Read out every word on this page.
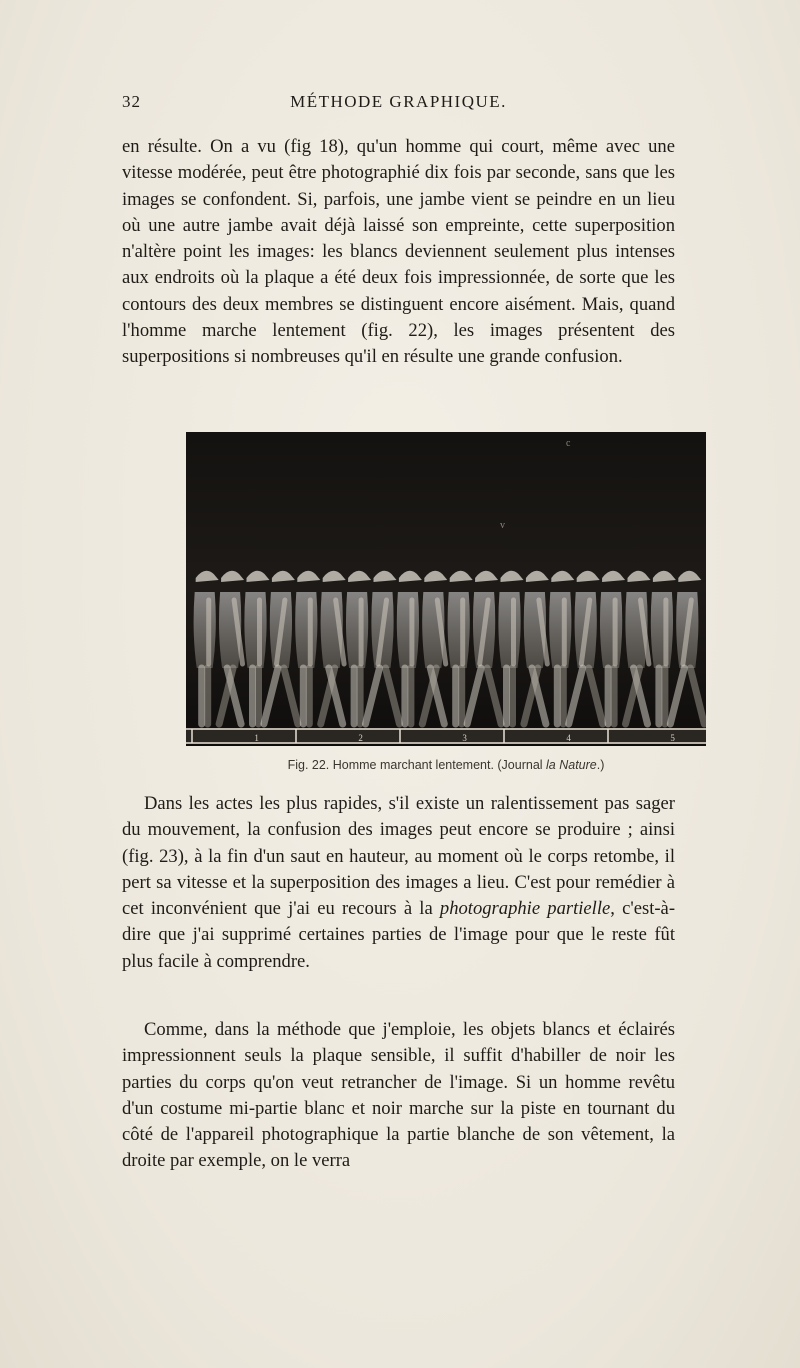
32	MÉTHODE GRAPHIQUE.

en résulte. On a vu (fig 18), qu'un homme qui court, même avec une vitesse modérée, peut être photographié dix fois par seconde, sans que les images se confondent. Si, parfois, une jambe vient se peindre en un lieu où une autre jambe avait déjà laissé son empreinte, cette superposition n'altère point les images: les blancs deviennent seulement plus intenses aux endroits où la plaque a été deux fois impressionnée, de sorte que les contours des deux membres se distinguent encore aisément. Mais, quand l'homme marche lentement (fig. 22), les images présentent des superpositions si nombreuses qu'il en résulte une grande confusion.

1	2	3	4	5
c
v
Fig. 22. Homme marchant lentement. (Journal la Nature.)

Dans les actes les plus rapides, s'il existe un ralentissement pas sager du mouvement, la confusion des images peut encore se produire ; ainsi (fig. 23), à la fin d'un saut en hauteur, au moment où le corps retombe, il pert sa vitesse et la superposition des images a lieu. C'est pour remédier à cet inconvénient que j'ai eu recours à la photographie partielle, c'est-à-dire que j'ai supprimé certaines parties de l'image pour que le reste fût plus facile à comprendre.

Comme, dans la méthode que j'emploie, les objets blancs et éclairés impressionnent seuls la plaque sensible, il suffit d'habiller de noir les parties du corps qu'on veut retrancher de l'image. Si un homme revêtu d'un costume mi-partie blanc et noir marche sur la piste en tournant du côté de l'appareil photographique la partie blanche de son vêtement, la droite par exemple, on le verra
